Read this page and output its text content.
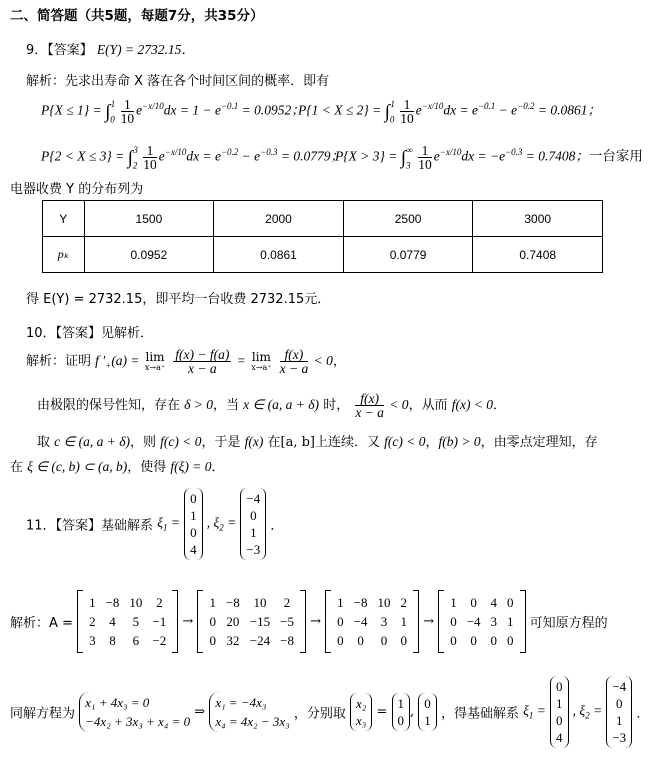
二、简答题（共5题，每题7分，共35分）
9．【答案】 E(Y) = 2732.15．
解析：先求出寿命 X 落在各个时间区间的概率．即有
$P\{X \le 1\} = \int_0^1 \frac{1}{10} e^{-x/10}dx = 1 - e^{-0.1} = 0.0952$；
$P\{1 < X \le 2\} = \int_0^1 \frac{1}{10} e^{-x/10}dx = e^{-0.1} - e^{-0.2} = 0.0861$；
$P\{2 < X \le 3\} = \int_2^3 \frac{1}{10} e^{-x/10}dx = e^{-0.2} - e^{-0.3} = 0.0779$；
$P\{X > 3\} = \int_3^\infty \frac{1}{10} e^{-x/10}dx = -e^{-0.3} = 0.7408$；一台家用
电器收费 Y 的分布列为
Y	1500	2000	2500	3000
pₖ	0.0952	0.0861	0.0779	0.7408
得 E(Y) = 2732.15，即平均一台收费 2732.15元．
10．【答案】见解析．
解析：证明 f $'_+(a) = \lim$
x→a⁺
$\frac{f(x) - f(a)}{x - a} = \lim$
x→a⁺
$\frac{f(x)}{x - a} < 0$，
由极限的保号性知，存在 δ > 0，当 x ∈ (a, a + δ) 时， $\frac{f(x)}{x - a} < 0$，从而 f(x) < 0．
取 c ∈ (a, a + δ)，则 f(c) < 0，于是 f(x) 在[a, b]上连续．又 f(c) < 0，f(b) > 0，由零点定理知，存
在 ξ ∈ (c, b) ⊂ (a, b)，使得 f(ξ) = 0．
11．【答案】基础解系 $\xi_1$ =
0
1
0
4
, $\xi_2$ =
−4
0
1
−3
．
解析：A =
1	−8	10	2
2	4	5	−1
3	8	6	−2
→
1	−8	10	2
0	20	−15	−5
0	32	−24	−8
→
1	−8	10	2
0	−4	3	1
0	0	0	0
→
1	0	4	0
0	−4	3	1
0	0	0	0
可知原方程的
同解方程为
x₁ + 4x₃ = 0
−4x₂ + 3x₃ + x₄ = 0
⇒
x₁ = −4x₃
x₄ = 4x₂ − 3x₃ ，分别取
x₂
x₃
=
1
0
,
0
1 ，得基础解系 $\xi_1$ =
0
1
0
4
, $\xi_2$ =
−4
0
1
−3
．
